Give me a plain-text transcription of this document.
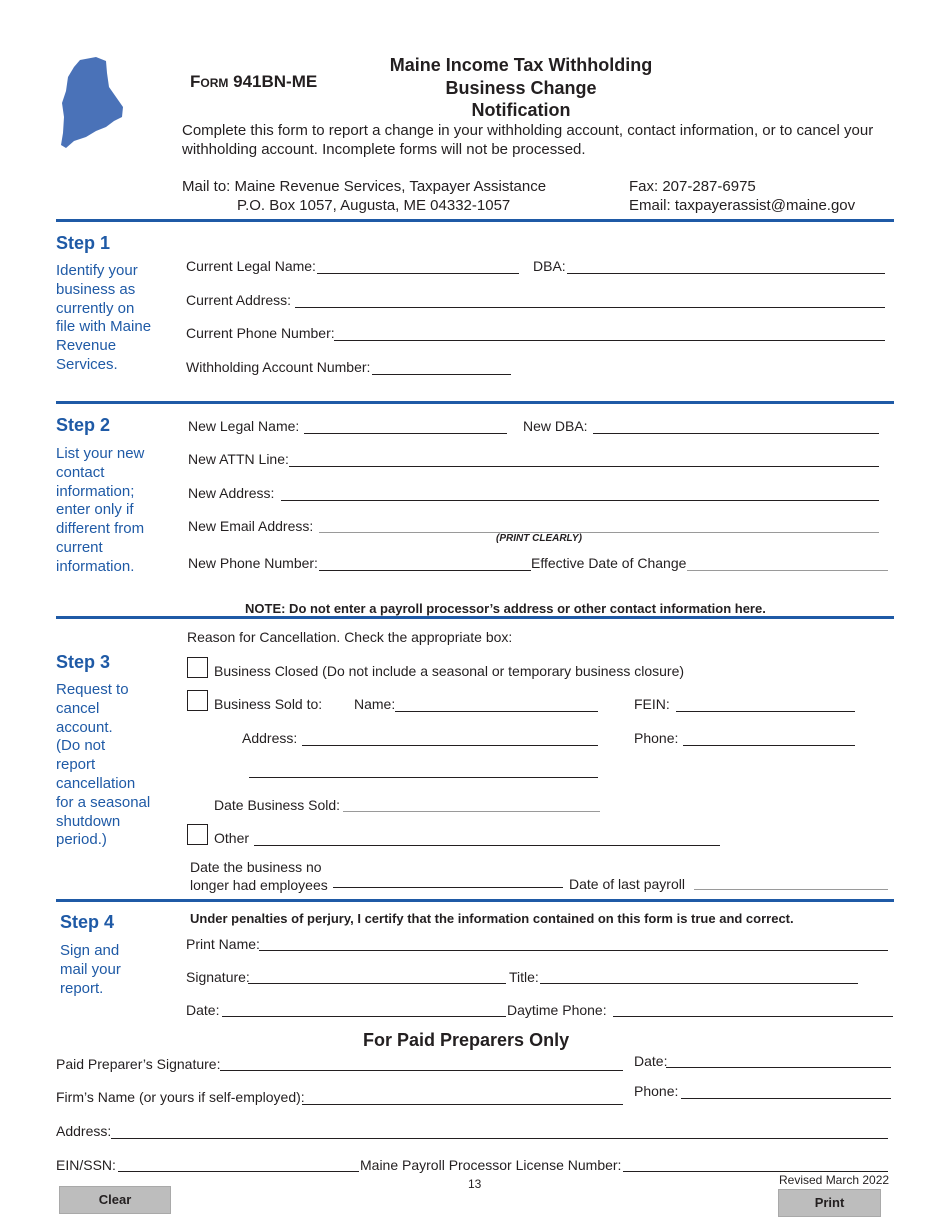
Form 941BN-ME
Maine Income Tax Withholding
Business Change
Notification
Complete this form to report a change in your withholding account, contact information, or to cancel your
withholding account. Incomplete forms will not be processed.
Mail to: Maine Revenue Services, Taxpayer Assistance
P.O. Box 1057, Augusta, ME 04332-1057
Fax: 207-287-6975
Email: taxpayerassist@maine.gov
Step 1
Identify your
business as
currently on
file with Maine
Revenue
Services.
Current Legal Name:	DBA:
Current Address:
Current Phone Number:
Withholding Account Number:
Step 2
List your new
contact
information;
enter only if
different from
current
information.
New Legal Name:	New DBA:
New ATTN Line:
New Address:
New Email Address:
(PRINT CLEARLY)
New Phone Number:	Effective Date of Change
NOTE: Do not enter a payroll processor’s address or other contact information here.
Step 3
Request to
cancel
account.
(Do not
report
cancellation
for a seasonal
shutdown
period.)
Reason for Cancellation. Check the appropriate box:
Business Closed (Do not include a seasonal or temporary business closure)
Business Sold to: Name:	FEIN:
Address:	Phone:
Date Business Sold:
Other
Date the business no
longer had employees	Date of last payroll
Step 4
Sign and
mail your
report.
Under penalties of perjury, I certify that the information contained on this form is true and correct.
Print Name:
Signature:	Title:
Date:	Daytime Phone:
For Paid Preparers Only
Paid Preparer’s Signature:	Date:
Firm’s Name (or yours if self-employed):	Phone:
Address:
EIN/SSN:	Maine Payroll Processor License Number:
13	Revised March 2022
Clear	Print
